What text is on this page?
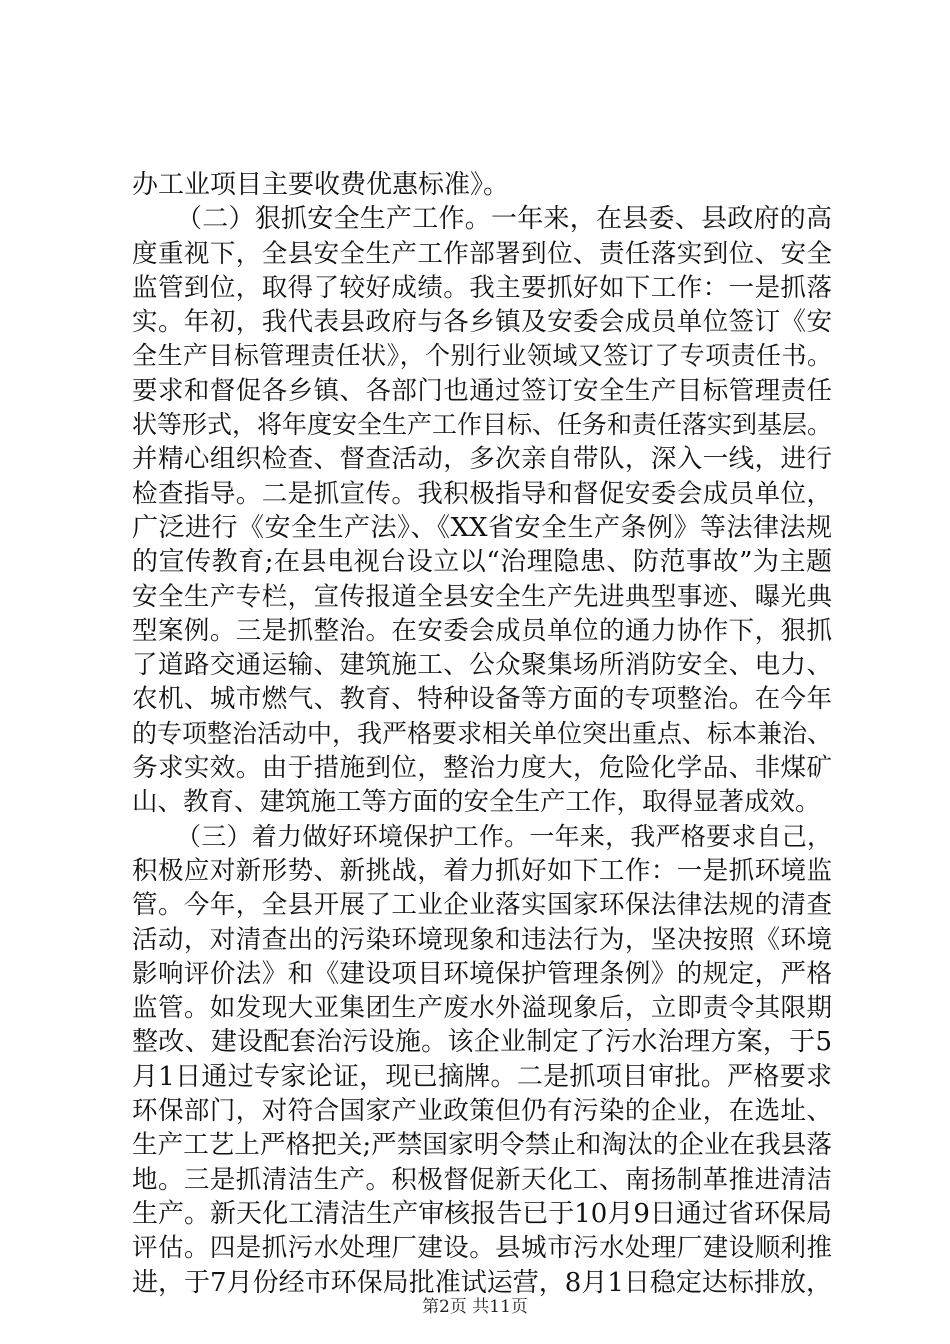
办工业项目主要收费优惠标准》。
（二）狠抓安全生产工作。一年来，在县委、县政府的高
度重视下，全县安全生产工作部署到位、责任落实到位、安全
监管到位，取得了较好成绩。我主要抓好如下工作：一是抓落
实。年初，我代表县政府与各乡镇及安委会成员单位签订《安
全生产目标管理责任状》，个别行业领域又签订了专项责任书。
要求和督促各乡镇、各部门也通过签订安全生产目标管理责任
状等形式，将年度安全生产工作目标、任务和责任落实到基层。
并精心组织检查、督查活动，多次亲自带队，深入一线，进行
检查指导。二是抓宣传。我积极指导和督促安委会成员单位，
广泛进行《安全生产法》、《XX省安全生产条例》等法律法规
的宣传教育;在县电视台设立以“治理隐患、防范事故”为主题
安全生产专栏，宣传报道全县安全生产先进典型事迹、曝光典
型案例。三是抓整治。在安委会成员单位的通力协作下，狠抓
了道路交通运输、建筑施工、公众聚集场所消防安全、电力、
农机、城市燃气、教育、特种设备等方面的专项整治。在今年
的专项整治活动中，我严格要求相关单位突出重点、标本兼治、
务求实效。由于措施到位，整治力度大，危险化学品、非煤矿
山、教育、建筑施工等方面的安全生产工作，取得显著成效。
（三）着力做好环境保护工作。一年来，我严格要求自己，
积极应对新形势、新挑战，着力抓好如下工作：一是抓环境监
管。今年，全县开展了工业企业落实国家环保法律法规的清查
活动，对清查出的污染环境现象和违法行为，坚决按照《环境
影响评价法》和《建设项目环境保护管理条例》的规定，严格
监管。如发现大亚集团生产废水外溢现象后，立即责令其限期
整改、建设配套治污设施。该企业制定了污水治理方案，于5
月1日通过专家论证，现已摘牌。二是抓项目审批。严格要求
环保部门，对符合国家产业政策但仍有污染的企业，在选址、
生产工艺上严格把关;严禁国家明令禁止和淘汰的企业在我县落
地。三是抓清洁生产。积极督促新天化工、南扬制革推进清洁
生产。新天化工清洁生产审核报告已于10月9日通过省环保局
评估。四是抓污水处理厂建设。县城市污水处理厂建设顺利推
进，于7月份经市环保局批准试运营，8月1日稳定达标排放，
第2页 共11页
